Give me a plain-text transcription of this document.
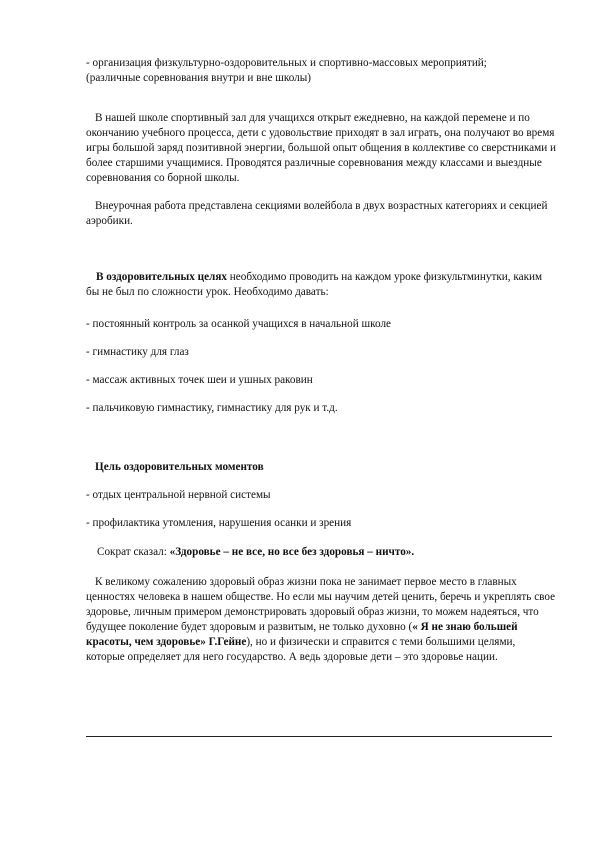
- организация физкультурно-оздоровительных и спортивно-массовых мероприятий;
(различные соревнования внутри и вне школы)

В нашей школе спортивный зал для учащихся открыт ежедневно, на каждой перемене и по окончанию учебного процесса, дети с удовольствие приходят в зал играть, она получают во время игры большой заряд позитивной энергии, большой опыт общения в коллективе со сверстниками и более старшими учащимися. Проводятся различные соревнования между классами и выездные соревнования со борной школы.

Внеурочная работа представлена секциями волейбола в двух возрастных категориях и секцией аэробики.

В оздоровительных целях необходимо проводить на каждом уроке физкультминутки, каким бы не был по сложности урок. Необходимо давать:

- постоянный контроль за осанкой учащихся в начальной школе
- гимнастику для глаз
- массаж активных точек шеи и ушных раковин
- пальчиковую гимнастику, гимнастику для рук и т.д.
Цель оздоровительных моментов
- отдых центральной нервной системы
- профилактика утомления, нарушения осанки и зрения
Сократ сказал: «Здоровье – не все, но все без здоровья – ничто».

К великому сожалению здоровый образ жизни пока не занимает первое место в главных ценностях человека в нашем обществе. Но если мы научим детей ценить, беречь и укреплять свое здоровье, личным примером демонстрировать здоровый образ жизни, то можем надеяться, что будущее поколение будет здоровым и развитым, не только духовно (« Я не знаю большей красоты, чем здоровье» Г.Гейне), но и физически и справится с теми большими целями, которые определяет для него государство. А ведь здоровые дети – это здоровье нации.
